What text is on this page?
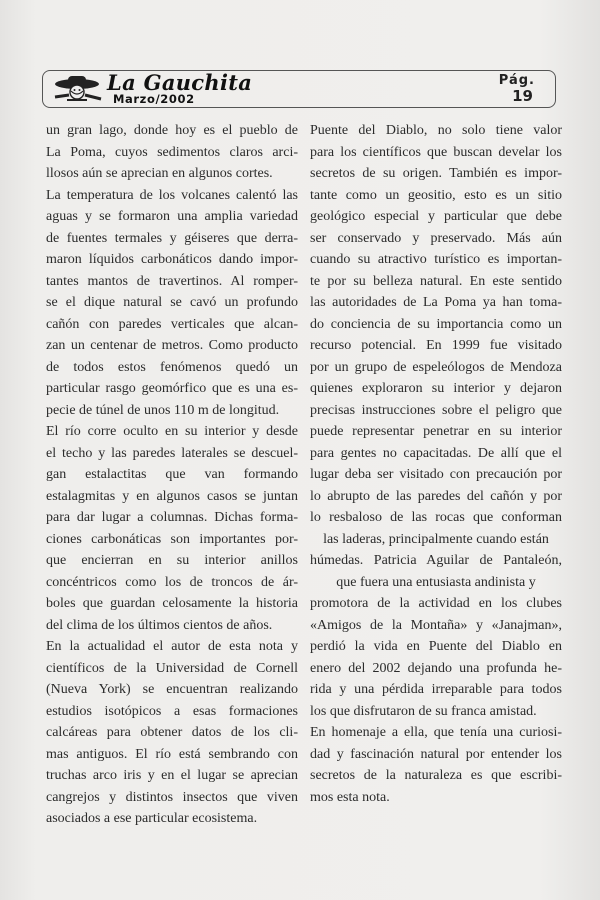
La Gauchita
Marzo/2002
Pág.
19
un gran lago, donde hoy es el pueblo de
La Poma, cuyos sedimentos claros arci-
llosos aún se aprecian en algunos cortes.
La temperatura de los volcanes calentó las
aguas y se formaron una amplia variedad
de fuentes termales y géiseres que derra-
maron líquidos carbonáticos dando impor-
tantes mantos de travertinos. Al romper-
se el dique natural se cavó un profundo
cañón con paredes verticales que alcan-
zan un centenar de metros. Como producto
de todos estos fenómenos quedó un
particular rasgo geomórfico que es una es-
pecie de túnel de unos 110 m de longitud.
El río corre oculto en su interior y desde
el techo y las paredes laterales se descuel-
gan estalactitas que van formando
estalagmitas y en algunos casos se juntan
para dar lugar a columnas. Dichas forma-
ciones carbonáticas son importantes por-
que encierran en su interior anillos
concéntricos como los de troncos de ár-
boles que guardan celosamente la historia
del clima de los últimos cientos de años.
En la actualidad el autor de esta nota y
científicos de la Universidad de Cornell
(Nueva York) se encuentran realizando
estudios isotópicos a esas formaciones
calcáreas para obtener datos de los cli-
mas antiguos. El río está sembrando con
truchas arco iris y en el lugar se aprecian
cangrejos y distintos insectos que viven
asociados a ese particular ecosistema.
Puente del Diablo, no solo tiene valor
para los científicos que buscan develar los
secretos de su origen. También es impor-
tante como un geositio, esto es un sitio
geológico especial y particular que debe
ser conservado y preservado. Más aún
cuando su atractivo turístico es importan-
te por su belleza natural. En este sentido
las autoridades de La Poma ya han toma-
do conciencia de su importancia como un
recurso potencial. En 1999 fue visitado
por un grupo de espeleólogos de Mendoza
quienes exploraron su interior y dejaron
precisas instrucciones sobre el peligro que
puede representar penetrar en su interior
para gentes no capacitadas. De allí que el
lugar deba ser visitado con precaución por
lo abrupto de las paredes del cañón y por
lo resbaloso de las rocas que conforman
las laderas, principalmente cuando están
húmedas. Patricia Aguilar de Pantaleón,
que fuera una entusiasta andinista y
promotora de la actividad en los clubes
«Amigos de la Montaña» y «Janajman»,
perdió la vida en Puente del Diablo en
enero del 2002 dejando una profunda he-
rida y una pérdida irreparable para todos
los que disfrutaron de su franca amistad.
En homenaje a ella, que tenía una curiosi-
dad y fascinación natural por entender los
secretos de la naturaleza es que escribi-
mos esta nota.
